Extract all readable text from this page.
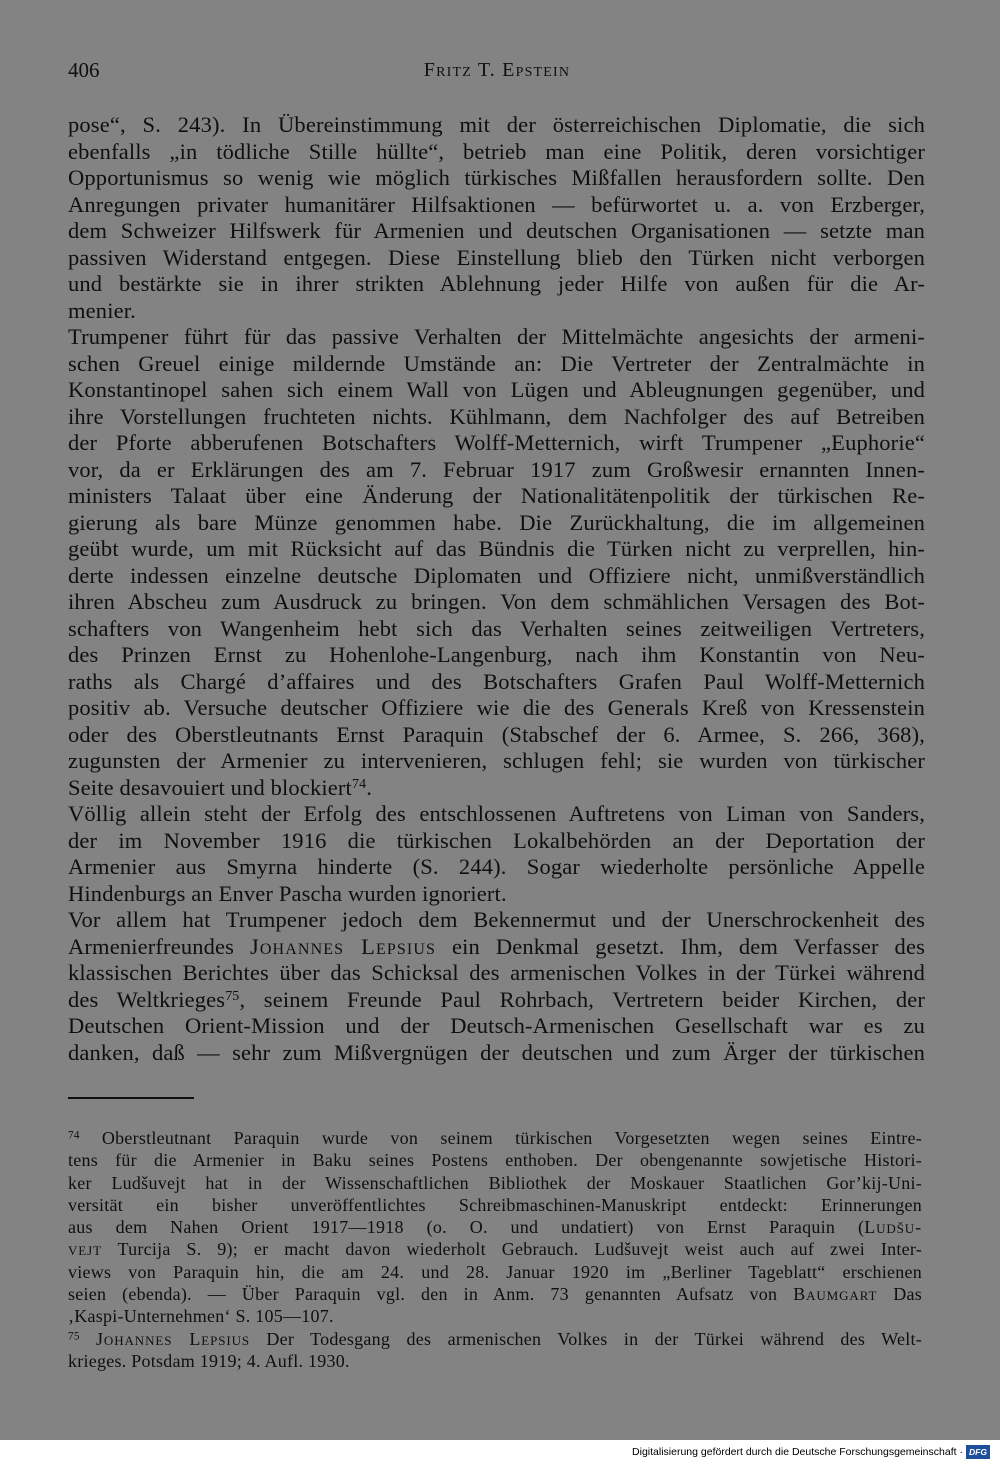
406	Fritz T. Epstein
pose“, S. 243). In Übereinstimmung mit der österreichischen Diplomatie, die sich
ebenfalls „in tödliche Stille hüllte“, betrieb man eine Politik, deren vorsichtiger
Opportunismus so wenig wie möglich türkisches Mißfallen herausfordern sollte. Den
Anregungen privater humanitärer Hilfsaktionen — befürwortet u. a. von Erzberger,
dem Schweizer Hilfswerk für Armenien und deutschen Organisationen — setzte man
passiven Widerstand entgegen. Diese Einstellung blieb den Türken nicht verborgen
und bestärkte sie in ihrer strikten Ablehnung jeder Hilfe von außen für die Ar-
menier.
Trumpener führt für das passive Verhalten der Mittelmächte angesichts der armeni-
schen Greuel einige mildernde Umstände an: Die Vertreter der Zentralmächte in
Konstantinopel sahen sich einem Wall von Lügen und Ableugnungen gegenüber, und
ihre Vorstellungen fruchteten nichts. Kühlmann, dem Nachfolger des auf Betreiben
der Pforte abberufenen Botschafters Wolff-Metternich, wirft Trumpener „Euphorie“
vor, da er Erklärungen des am 7. Februar 1917 zum Großwesir ernannten Innen-
ministers Talaat über eine Änderung der Nationalitätenpolitik der türkischen Re-
gierung als bare Münze genommen habe. Die Zurückhaltung, die im allgemeinen
geübt wurde, um mit Rücksicht auf das Bündnis die Türken nicht zu verprellen, hin-
derte indessen einzelne deutsche Diplomaten und Offiziere nicht, unmißverständlich
ihren Abscheu zum Ausdruck zu bringen. Von dem schmählichen Versagen des Bot-
schafters von Wangenheim hebt sich das Verhalten seines zeitweiligen Vertreters,
des Prinzen Ernst zu Hohenlohe-Langenburg, nach ihm Konstantin von Neu-
raths als Chargé d’affaires und des Botschafters Grafen Paul Wolff-Metternich
positiv ab. Versuche deutscher Offiziere wie die des Generals Kreß von Kressenstein
oder des Oberstleutnants Ernst Paraquin (Stabschef der 6. Armee, S. 266, 368),
zugunsten der Armenier zu intervenieren, schlugen fehl; sie wurden von türkischer
Seite desavouiert und blockiert$^{74}$.
Völlig allein steht der Erfolg des entschlossenen Auftretens von Liman von Sanders,
der im November 1916 die türkischen Lokalbehörden an der Deportation der
Armenier aus Smyrna hinderte (S. 244). Sogar wiederholte persönliche Appelle
Hindenburgs an Enver Pascha wurden ignoriert.
Vor allem hat Trumpener jedoch dem Bekennermut und der Unerschrockenheit des
Armenierfreundes Johannes Lepsius ein Denkmal gesetzt. Ihm, dem Verfasser des
klassischen Berichtes über das Schicksal des armenischen Volkes in der Türkei während
des Weltkrieges$^{75}$, seinem Freunde Paul Rohrbach, Vertretern beider Kirchen, der
Deutschen Orient-Mission und der Deutsch-Armenischen Gesellschaft war es zu
danken, daß — sehr zum Mißvergnügen der deutschen und zum Ärger der türkischen
$^{74}$ Oberstleutnant Paraquin wurde von seinem türkischen Vorgesetzten wegen seines Eintre-
tens für die Armenier in Baku seines Postens enthoben. Der obengenannte sowjetische Histori-
ker Ludšuvejt hat in der Wissenschaftlichen Bibliothek der Moskauer Staatlichen Gor’kij-Uni-
versität ein bisher unveröffentlichtes Schreibmaschinen-Manuskript entdeckt: Erinnerungen
aus dem Nahen Orient 1917—1918 (o. O. und undatiert) von Ernst Paraquin (Ludšu-
vejt Turcija S. 9); er macht davon wiederholt Gebrauch. Ludšuvejt weist auch auf zwei Inter-
views von Paraquin hin, die am 24. und 28. Januar 1920 im „Berliner Tageblatt“ erschienen
seien (ebenda). — Über Paraquin vgl. den in Anm. 73 genannten Aufsatz von Baumgart Das
‚Kaspi-Unternehmen‘ S. 105—107.
$^{75}$ Johannes Lepsius Der Todesgang des armenischen Volkes in der Türkei während des Welt-
krieges. Potsdam 1919; 4. Aufl. 1930.
Digitalisierung gefördert durch die Deutsche Forschungsgemeinschaft · DFG
